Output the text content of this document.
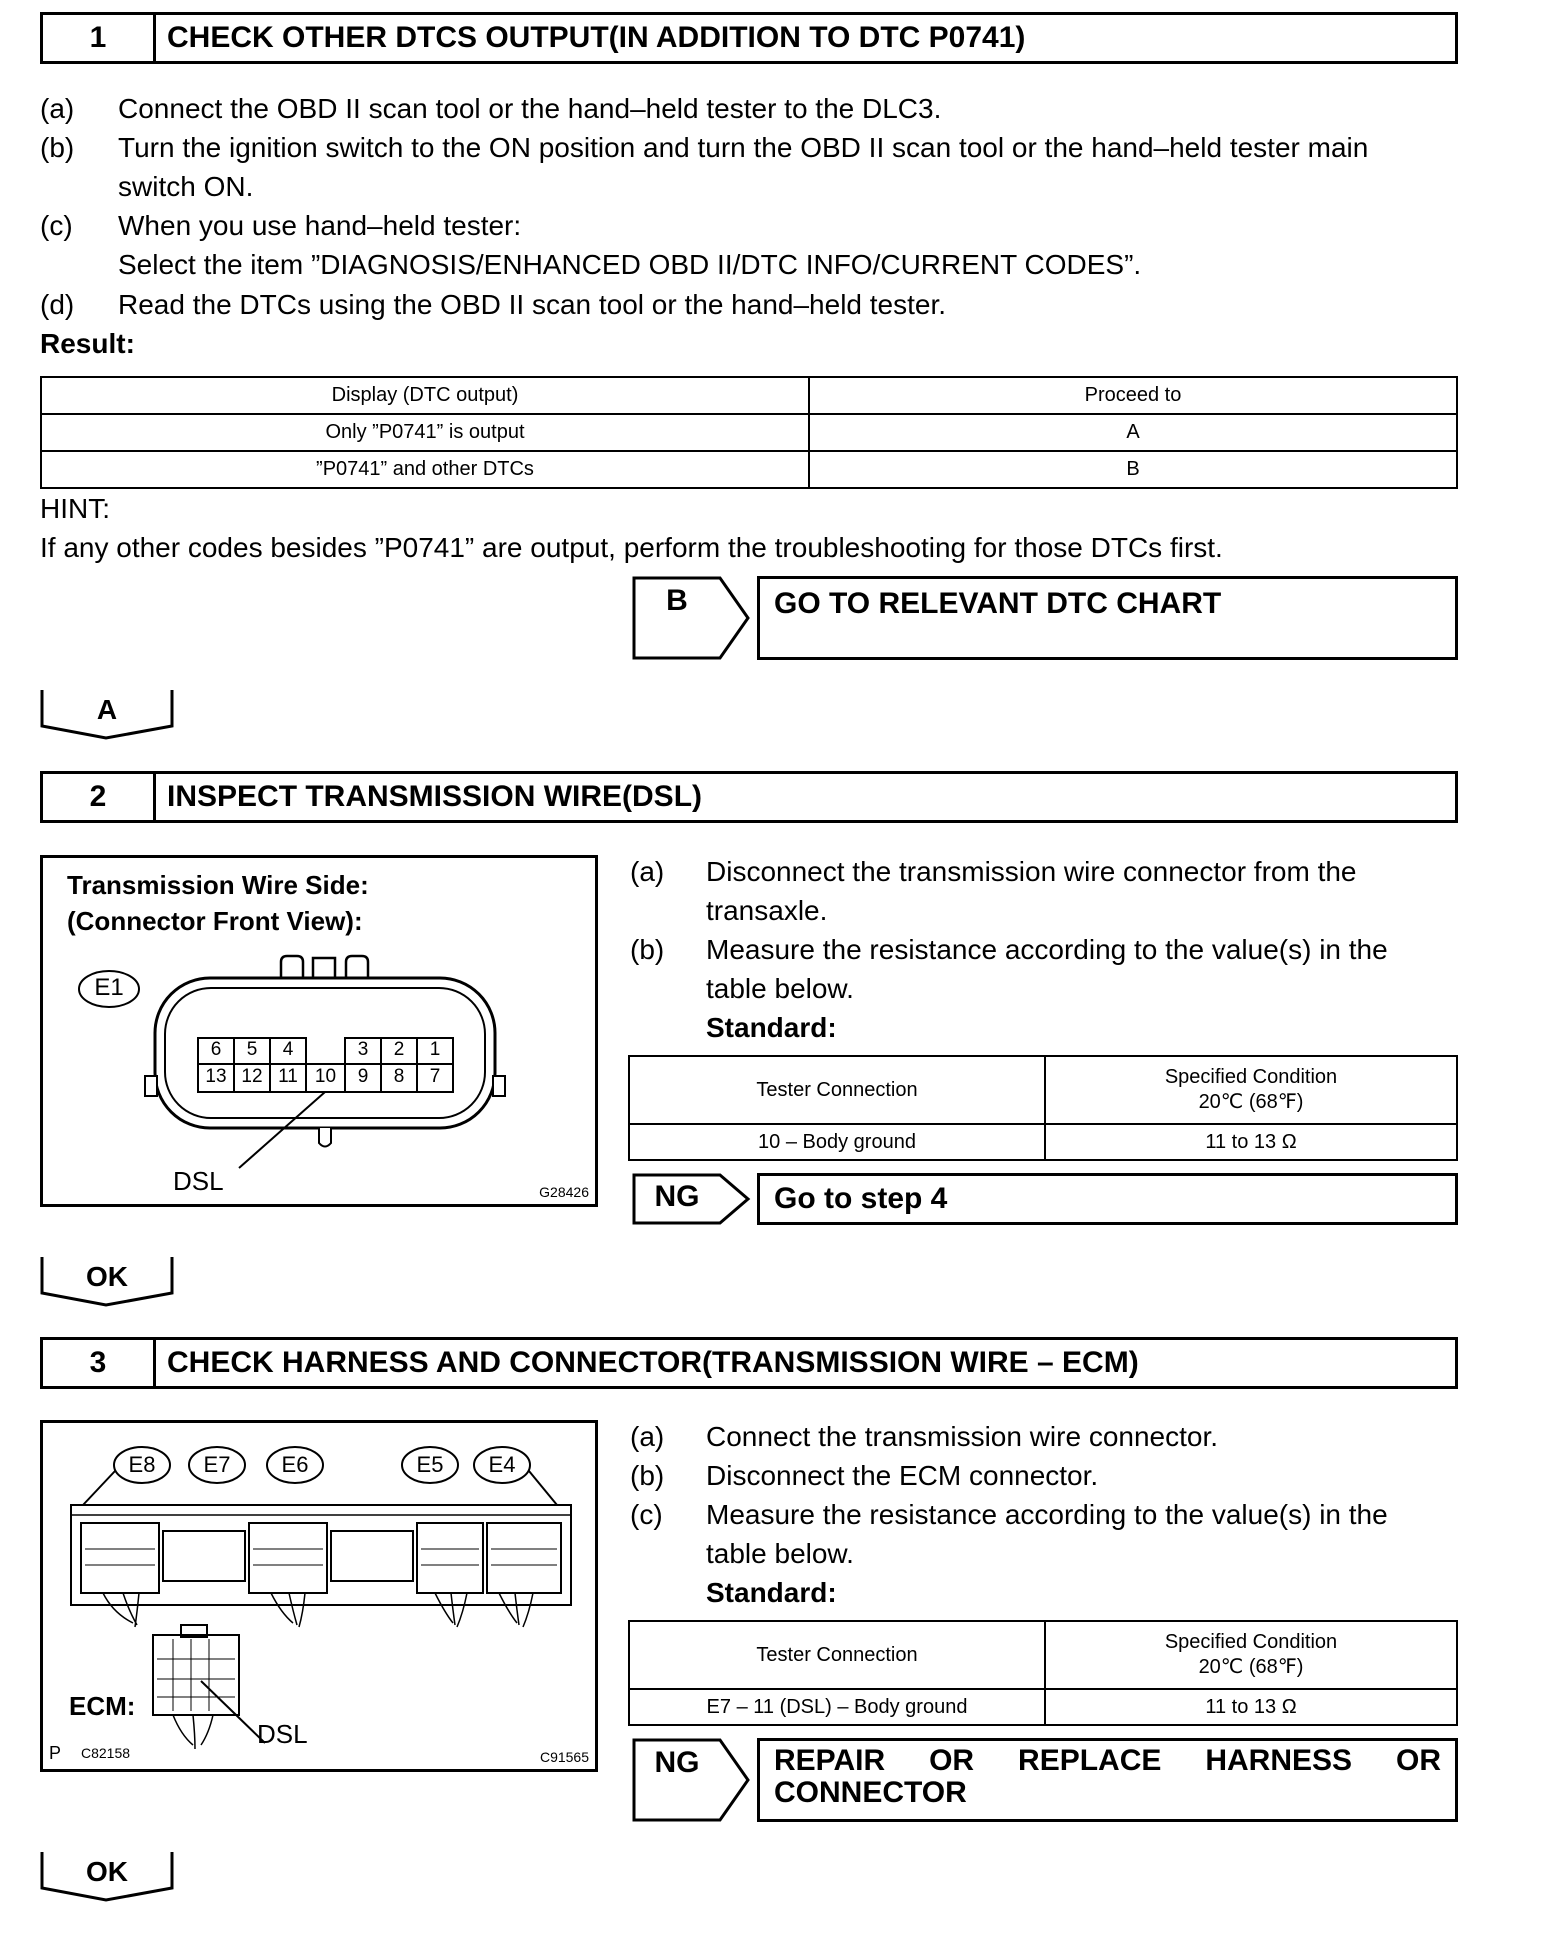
1	CHECK OTHER DTCS OUTPUT(IN ADDITION TO DTC P0741)
(a) Connect the OBD II scan tool or the hand–held tester to the DLC3.
(b) Turn the ignition switch to the ON position and turn the OBD II scan tool or the hand–held tester main
switch ON.
(c) When you use hand–held tester:
Select the item ”DIAGNOSIS/ENHANCED OBD II/DTC INFO/CURRENT CODES”.
(d) Read the DTCs using the OBD II scan tool or the hand–held tester.
Result:
Display (DTC output)	Proceed to
Only ”P0741” is output	A
”P0741” and other DTCs	B
HINT:
If any other codes besides ”P0741” are output, perform the troubleshooting for those DTCs first.
B	GO TO RELEVANT DTC CHART
A
2	INSPECT TRANSMISSION WIRE(DSL)
Transmission Wire Side:
(Connector Front View):
E1
6	5	4	3	2	1
13 12 11 10	9	8	7
DSL	G28426
(a) Disconnect the transmission wire connector from the
transaxle.
(b) Measure the resistance according to the value(s) in the
table below.
Standard:
Tester Connection	Specified Condition
20℃ (68℉)

10 – Body ground	11 to 13 Ω
NG	Go to step 4
OK
3	CHECK HARNESS AND CONNECTOR(TRANSMISSION WIRE – ECM)
E8	E7	E6	E5	E4
ECM:
DSL
P C82158	C91565
(a) Connect the transmission wire connector.
(b) Disconnect the ECM connector.
(c) Measure the resistance according to the value(s) in the
table below.
Standard:
Tester Connection	Specified Condition
20℃ (68℉)

E7 – 11 (DSL) – Body ground	11 to 13 Ω
NG	REPAIR OR REPLACE HARNESS OR
CONNECTOR
OK
